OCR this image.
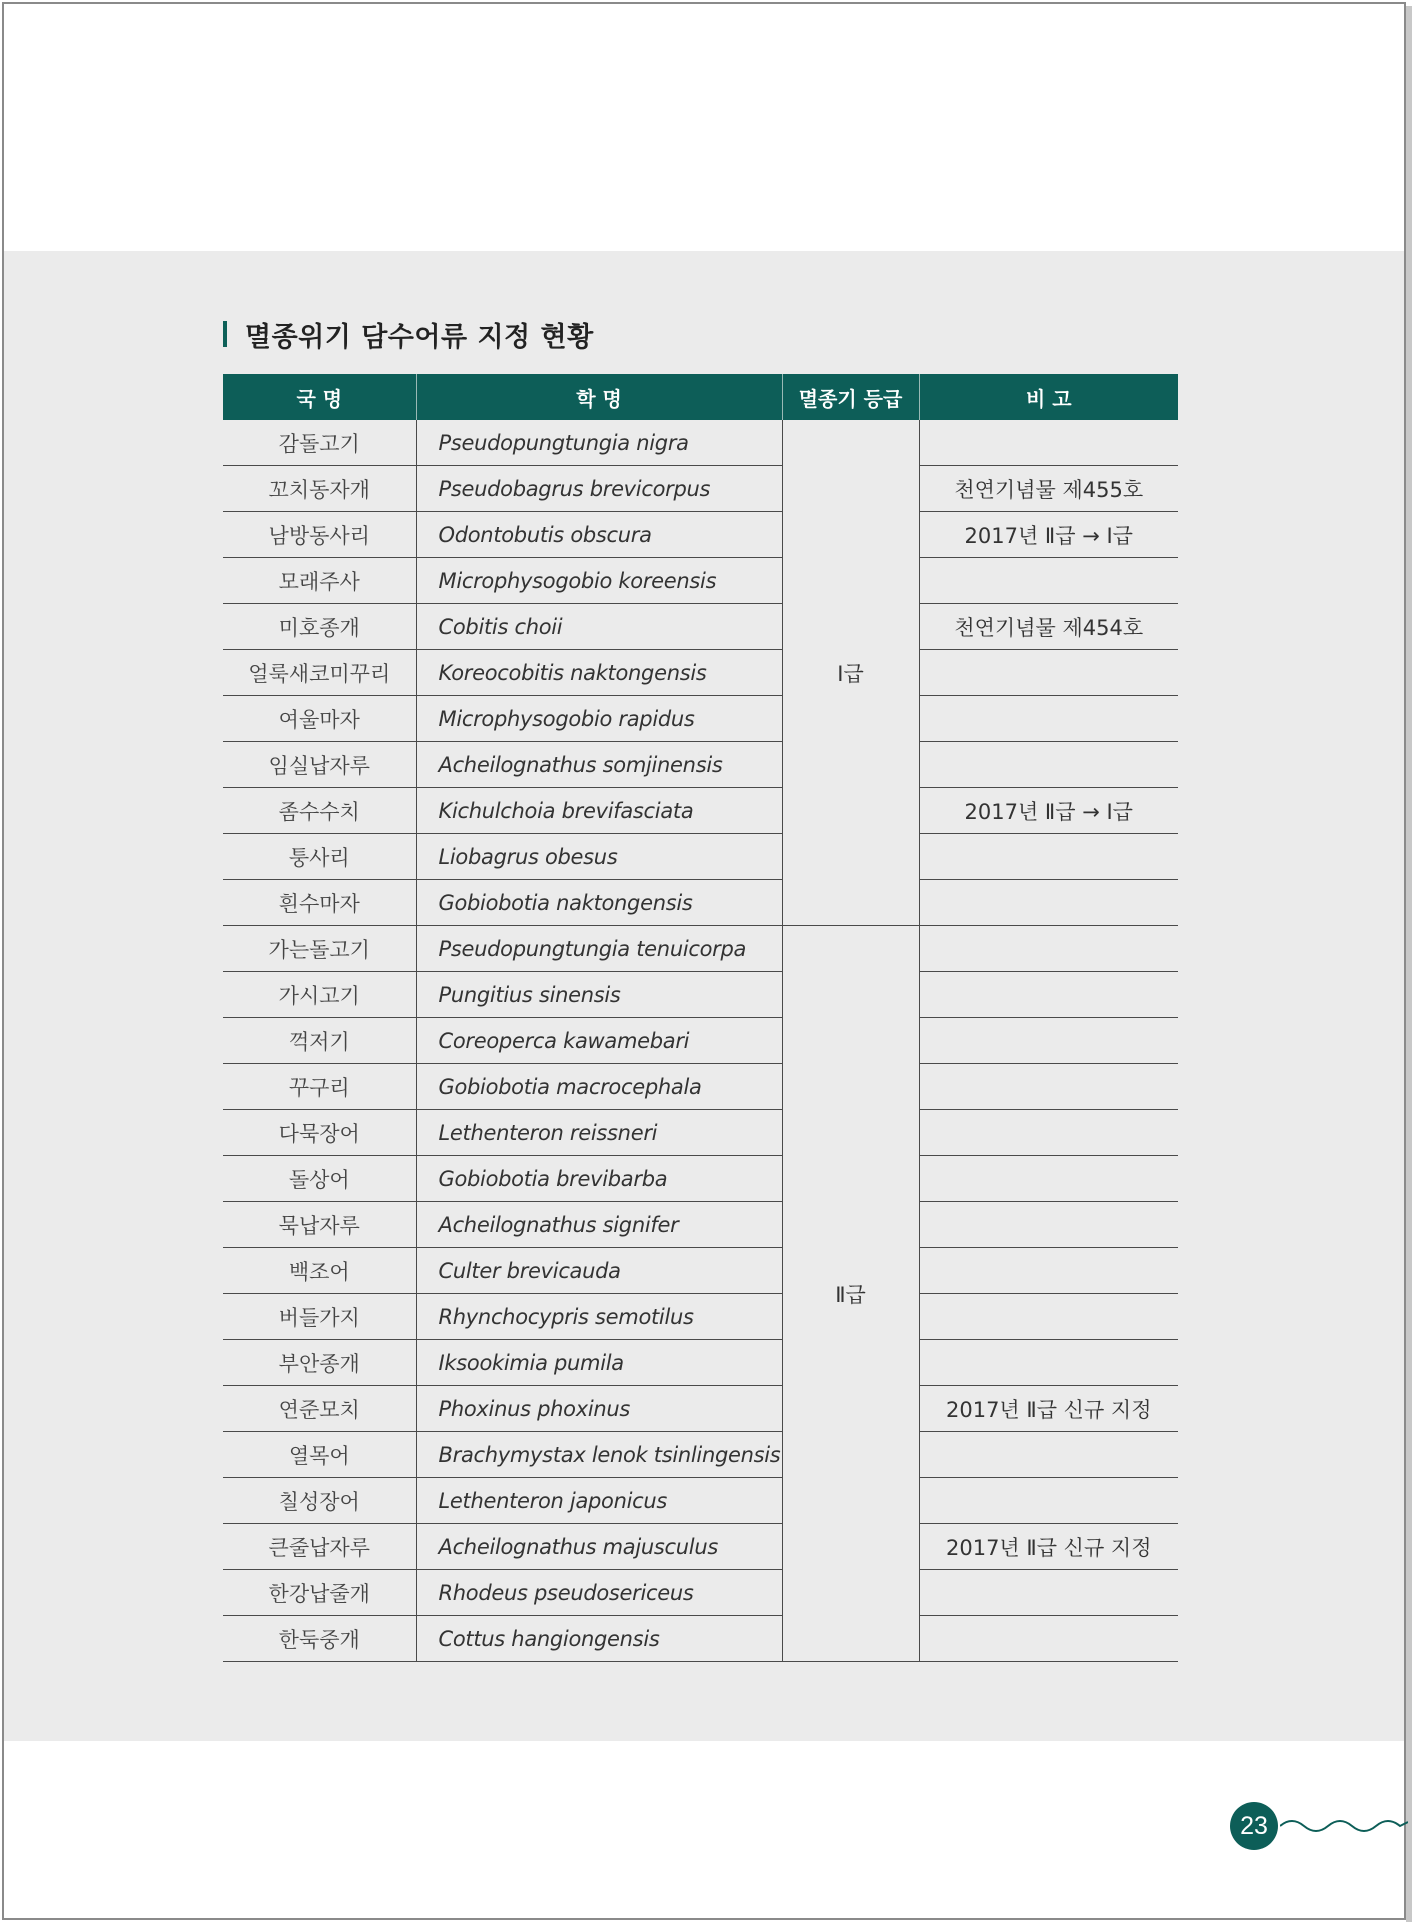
멸종위기 담수어류 지정 현황
국 명	학 명	멸종기 등급	비 고
감돌고기	Pseudopungtungia nigra	Ⅰ급	
꼬치동자개	Pseudobagrus brevicorpus		천연기념물 제455호
남방동사리	Odontobutis obscura		2017년 Ⅱ급 → Ⅰ급
모래주사	Microphysogobio koreensis		
미호종개	Cobitis choii		천연기념물 제454호
얼룩새코미꾸리	Koreocobitis naktongensis		
여울마자	Microphysogobio rapidus		
임실납자루	Acheilognathus somjinensis		
좀수수치	Kichulchoia brevifasciata		2017년 Ⅱ급 → Ⅰ급
퉁사리	Liobagrus obesus		
흰수마자	Gobiobotia naktongensis		
가는돌고기	Pseudopungtungia tenuicorpa	Ⅱ급	
가시고기	Pungitius sinensis		
꺽저기	Coreoperca kawamebari		
꾸구리	Gobiobotia macrocephala		
다묵장어	Lethenteron reissneri		
돌상어	Gobiobotia brevibarba		
묵납자루	Acheilognathus signifer		
백조어	Culter brevicauda		
버들가지	Rhynchocypris semotilus		
부안종개	Iksookimia pumila		
연준모치	Phoxinus phoxinus		2017년 Ⅱ급 신규 지정
열목어	Brachymystax lenok tsinlingensis		
칠성장어	Lethenteron japonicus		
큰줄납자루	Acheilognathus majusculus		2017년 Ⅱ급 신규 지정
한강납줄개	Rhodeus pseudosericeus		
한둑중개	Cottus hangiongensis		
23
